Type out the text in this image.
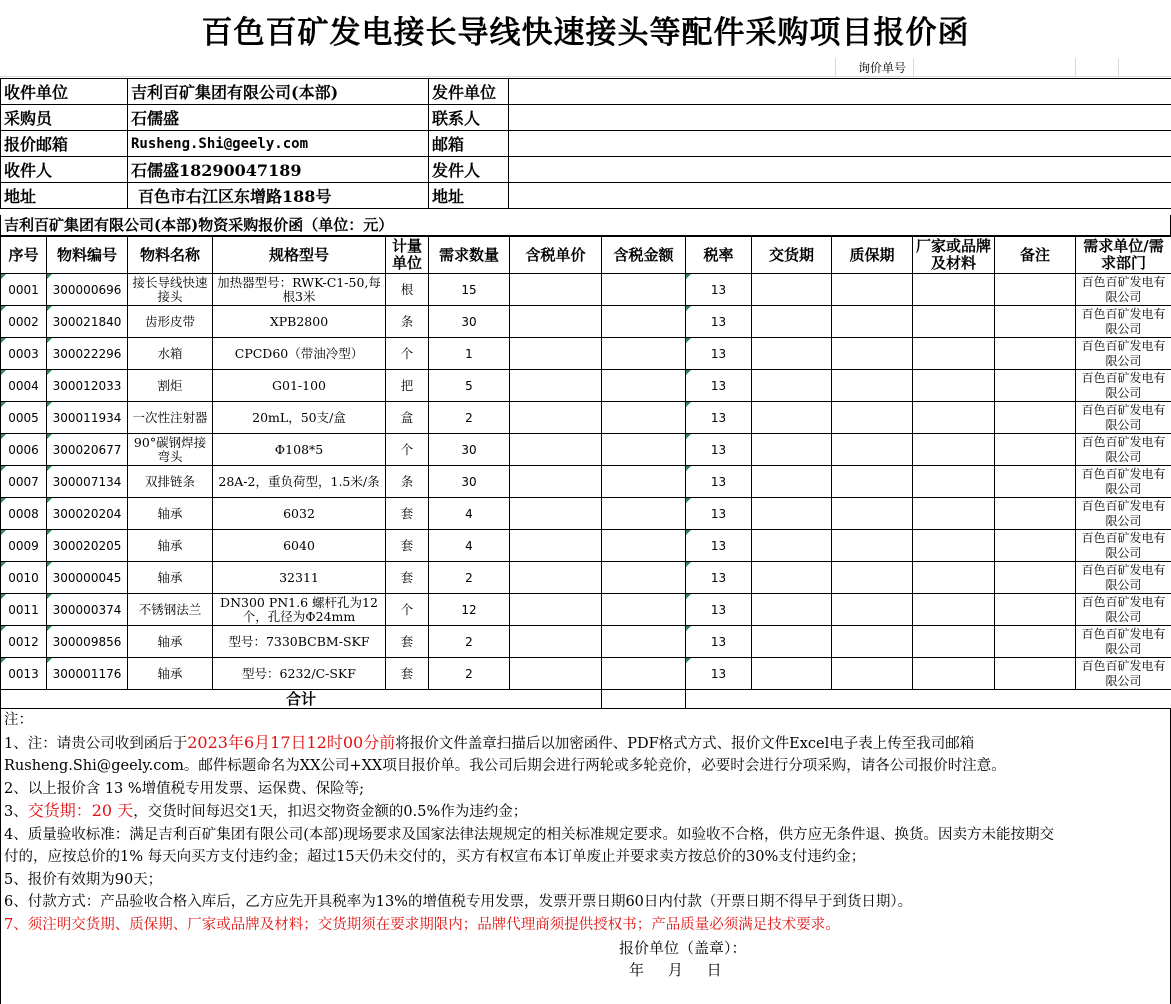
百色百矿发电接长导线快速接头等配件采购项目报价函
询价单号
收件单位	吉利百矿集团有限公司(本部)	发件单位	
采购员	石儒盛	联系人	
报价邮箱	Rusheng.Shi@geely.com	邮箱	
收件人	石儒盛18290047189	发件人	
地址	百色市右江区东增路188号	地址	
吉利百矿集团有限公司(本部)物资采购报价函（单位：元）
序号	物料编号	物料名称	规格型号	计量单位	需求数量	含税单价	含税金额	税率	交货期	质保期	厂家或品牌及材料	备注	需求单位/需求部门
0001	300000696	接长导线快速接头	加热器型号：RWK-C1-50,每根3米	根	15			13					百色百矿发电有限公司
0002	300021840	齿形皮带	XPB2800	条	30			13					百色百矿发电有限公司
0003	300022296	水箱	CPCD60（带油冷型）	个	1			13					百色百矿发电有限公司
0004	300012033	割炬	G01-100	把	5			13					百色百矿发电有限公司
0005	300011934	一次性注射器	20mL，50支/盒	盒	2			13					百色百矿发电有限公司
0006	300020677	90°碳钢焊接弯头	Ф108*5	个	30			13					百色百矿发电有限公司
0007	300007134	双排链条	28A-2，重负荷型，1.5米/条	条	30			13					百色百矿发电有限公司
0008	300020204	轴承	6032	套	4			13					百色百矿发电有限公司
0009	300020205	轴承	6040	套	4			13					百色百矿发电有限公司
0010	300000045	轴承	32311	套	2			13					百色百矿发电有限公司
0011	300000374	不锈钢法兰	DN300 PN1.6 螺杆孔为12个，孔径为Ф24mm	个	12			13					百色百矿发电有限公司
0012	300009856	轴承	型号：7330BCBM-SKF	套	2			13					百色百矿发电有限公司
0013	300001176	轴承	型号：6232/C-SKF	套	2			13					百色百矿发电有限公司
合计													

注：

1、注：请贵公司收到函后于2023年6月17日12时00分前将报价文件盖章扫描后以加密函件、PDF格式方式、报价文件Excel电子表上传至我司邮箱

Rusheng.Shi@geely.com。邮件标题命名为XX公司+XX项目报价单。我公司后期会进行两轮或多轮竞价，必要时会进行分项采购，请各公司报价时注意。

2、以上报价含 13 %增值税专用发票、运保费、保险等;

3、交货期：20 天，交货时间每迟交1天，扣迟交物资金额的0.5%作为违约金；

4、质量验收标准：满足吉利百矿集团有限公司(本部)现场要求及国家法律法规规定的相关标准规定要求。如验收不合格，供方应无条件退、换货。因卖方未能按期交

付的，应按总价的1% 每天向买方支付违约金；超过15天仍未交付的，买方有权宣布本订单废止并要求卖方按总价的30%支付违约金；

5、报价有效期为90天；

6、付款方式：产品验收合格入库后，乙方应先开具税率为13%的增值税专用发票，发票开票日期60日内付款（开票日期不得早于到货日期）。

7、须注明交货期、质保期、厂家或品牌及材料；交货期须在要求期限内；品牌代理商须提供授权书；产品质量必须满足技术要求。

报价单位（盖章）：
年     月     日
